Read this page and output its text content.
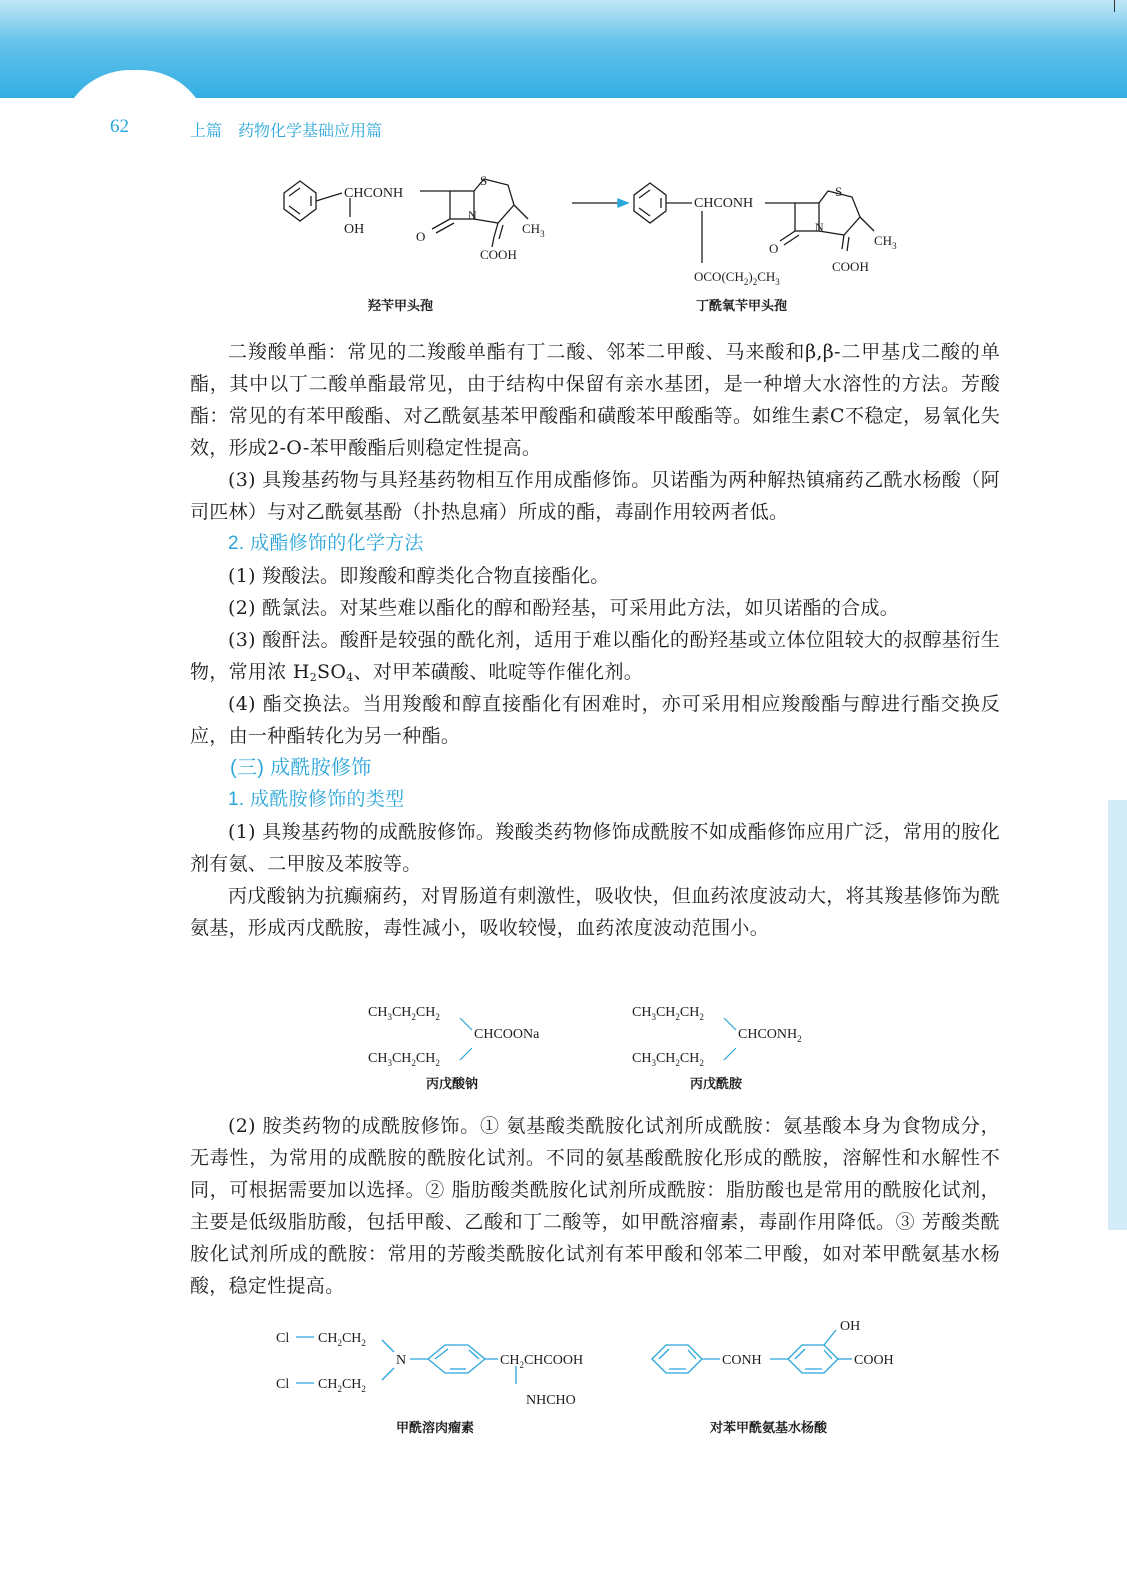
62	上篇　药物化学基础应用篇
CHCONH
OH
S
N
O
$CH_3$
COOH
CHCONH
S
N
O
$CH_3$
COOH
$OCO(CH_2)_2CH_3$
羟苄甲头孢	丁酰氧苄甲头孢

二羧酸单酯：常见的二羧酸单酯有丁二酸、邻苯二甲酸、马来酸和β,β-二甲基戊二酸的单酯，其中以丁二酸单酯最常见，由于结构中保留有亲水基团，是一种增大水溶性的方法。芳酸酯：常见的有苯甲酸酯、对乙酰氨基苯甲酸酯和磺酸苯甲酸酯等。如维生素C不稳定，易氧化失效，形成2-O-苯甲酸酯后则稳定性提高。

(3) 具羧基药物与具羟基药物相互作用成酯修饰。贝诺酯为两种解热镇痛药乙酰水杨酸（阿司匹林）与对乙酰氨基酚（扑热息痛）所成的酯，毒副作用较两者低。

2. 成酯修饰的化学方法

(1) 羧酸法。即羧酸和醇类化合物直接酯化。

(2) 酰氯法。对某些难以酯化的醇和酚羟基，可采用此方法，如贝诺酯的合成。

(3) 酸酐法。酸酐是较强的酰化剂，适用于难以酯化的酚羟基或立体位阻较大的叔醇基衍生物，常用浓 $H_2SO_4$、对甲苯磺酸、吡啶等作催化剂。

(4) 酯交换法。当用羧酸和醇直接酯化有困难时，亦可采用相应羧酸酯与醇进行酯交换反应，由一种酯转化为另一种酯。

(三) 成酰胺修饰

1. 成酰胺修饰的类型

(1) 具羧基药物的成酰胺修饰。羧酸类药物修饰成酰胺不如成酯修饰应用广泛，常用的胺化剂有氨、二甲胺及苯胺等。

丙戊酸钠为抗癫痫药，对胃肠道有刺激性，吸收快，但血药浓度波动大，将其羧基修饰为酰氨基，形成丙戊酰胺，毒性减小，吸收较慢，血药浓度波动范围小。

$CH_3CH_2CH_2$
$CH_3CH_2CH_2$
CHCOONa
$CH_3CH_2CH_2$
$CH_3CH_2CH_2$
$CHCONH_2$
丙戊酸钠	丙戊酰胺

(2) 胺类药物的成酰胺修饰。① 氨基酸类酰胺化试剂所成酰胺：氨基酸本身为食物成分，无毒性，为常用的成酰胺的酰胺化试剂。不同的氨基酸酰胺化形成的酰胺，溶解性和水解性不同，可根据需要加以选择。② 脂肪酸类酰胺化试剂所成酰胺：脂肪酸也是常用的酰胺化试剂，主要是低级脂肪酸，包括甲酸、乙酸和丁二酸等，如甲酰溶瘤素，毒副作用降低。③ 芳酸类酰胺化试剂所成的酰胺：常用的芳酸类酰胺化试剂有苯甲酸和邻苯二甲酸，如对苯甲酰氨基水杨酸，稳定性提高。

Cl $CH_2CH_2$
Cl $CH_2CH_2$
N	$CH_2CHCOOH$
NHCHO
CONH
OH
COOH
甲酰溶肉瘤素	对苯甲酰氨基水杨酸
